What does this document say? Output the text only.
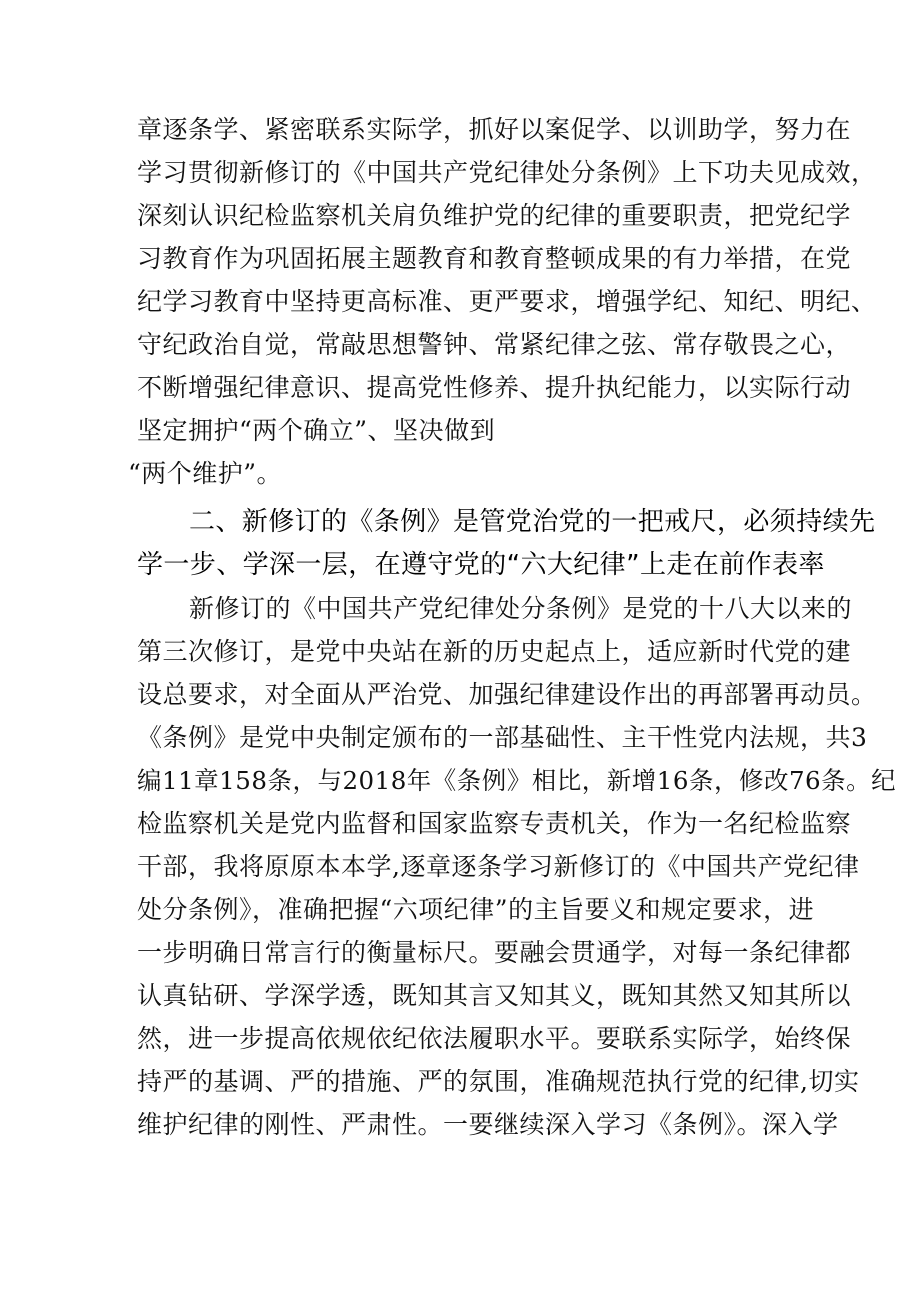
章逐条学、紧密联系实际学，抓好以案促学、以训助学，努力在
学习贯彻新修订的《中国共产党纪律处分条例》上下功夫见成效，
深刻认识纪检监察机关肩负维护党的纪律的重要职责，把党纪学
习教育作为巩固拓展主题教育和教育整顿成果的有力举措，在党
纪学习教育中坚持更高标准、更严要求，增强学纪、知纪、明纪、
守纪政治自觉，常敲思想警钟、常紧纪律之弦、常存敬畏之心，
不断增强纪律意识、提高党性修养、提升执纪能力，以实际行动
坚定拥护“两个确立”、坚决做到
“两个维护”。
二、新修订的《条例》是管党治党的一把戒尺，必须持续先
学一步、学深一层，在遵守党的“六大纪律”上走在前作表率
新修订的《中国共产党纪律处分条例》是党的十八大以来的
第三次修订，是党中央站在新的历史起点上，适应新时代党的建
设总要求，对全面从严治党、加强纪律建设作出的再部署再动员。
《条例》是党中央制定颁布的一部基础性、主干性党内法规，共3
编11章158条，与2018年《条例》相比，新增16条，修改76条。纪
检监察机关是党内监督和国家监察专责机关，作为一名纪检监察
干部，我将原原本本学,逐章逐条学习新修订的《中国共产党纪律
处分条例》，准确把握“六项纪律”的主旨要义和规定要求，进
一步明确日常言行的衡量标尺。要融会贯通学，对每一条纪律都
认真钻研、学深学透，既知其言又知其义，既知其然又知其所以
然，进一步提高依规依纪依法履职水平。要联系实际学，始终保
持严的基调、严的措施、严的氛围，准确规范执行党的纪律,切实
维护纪律的刚性、严肃性。一要继续深入学习《条例》。深入学
